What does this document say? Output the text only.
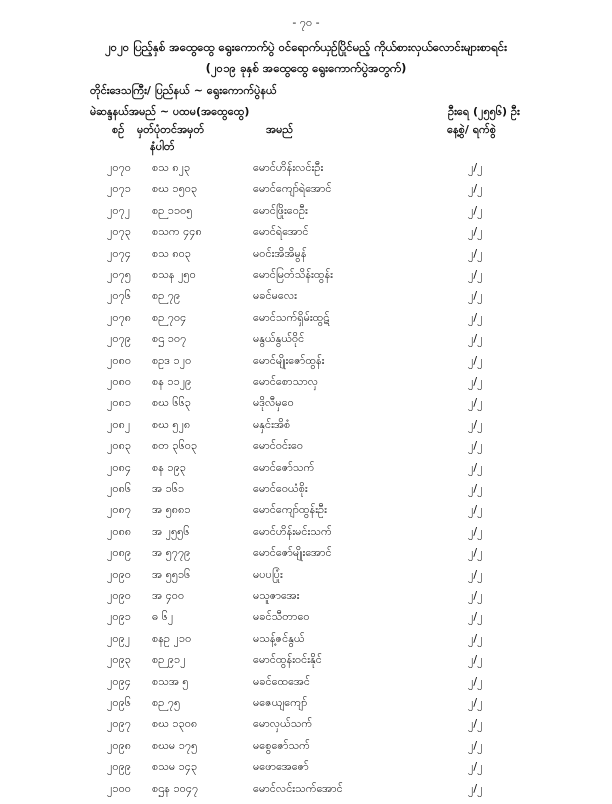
- ၇၀ -
၂၀၂၀ ပြည့်နှစ် အထွေထွေ ရွေးကောက်ပွဲ ဝင်ရောက်ယှဉ်ပြိုင်မည့် ကိုယ်စားလှယ်လောင်းများစာရင်း
(၂၀၁၉ ခုနှစ် အထွေထွေ ရွေးကောက်ပွဲအတွက်)
တိုင်းဒေသကြီး/ ပြည်နယ် ~ ရွေးကောက်ပွဲနယ်
မဲဆန္ဒနယ်အမည် ~ ပထမ(အထွေထွေ)	ဦးရေ (၂၅၅၆) ဦး
စဉ် မှတ်ပုံတင်အမှတ်
နံပါတ်
အမည်	နေ့စွဲ/ ရက်စွဲ
၂၀၇၀ စသ ၈၂၃	မောင်ဟိန်းလင်းဦး	၂/၂
၂၀၇၁ စဃ ၁၅၀၃	မောင်ကျော်ရဲအောင်	၂/၂
၂၀၇၂ စဉ ၁၁၀၅	မောင်ဖြိုးဝေဦး	၂/၂
၂၀၇၃ စသက ၄၄၈	မောင်ရဲအောင်	၂/၂
၂၀၇၄ စသ ၈၀၃	မဝင်းအိအိမွန်	၂/၂
၂၀၇၅ စသန ၂၅၀	မောင်မြတ်သိန်းထွန်း	၂/၂
၂၀၇၆ စဉ ၇၉	မခင်မလေး	၂/၂
၂၀၇၈ စဉ ၇၀၄	မောင်သက်ရှိမ်းထွဋ်	၂/၂
၂၀၇၉ စဌ ၁၀၇	မနွယ်နွယ်ဝိုင်	၂/၂
၂၀၈၀ စဥဒ ၁၂၀	မောင်မျိုးဇော်ထွန်း	၂/၂
၂၀၈၀ စန ၁၁၂၉	မောင်စောသာလှ	၂/၂
၂၀၈၁ စဃ ၆၆၃	မဒိုလီမှဝေ	၂/၂
၂၀၈၂ စဃ ၅၂၈	မနှင်းအိစံ	၂/၂
၂၀၈၃ စတ ၃၆၀၃	မောင်ဝင်းဝေ	၂/၂
၂၀၈၄ စန ၁၉၃	မောင်ဇော်သက်	၂/၂
၂၀၈၆ အ ၁၆၁	မောင်ဝေယံစိုး	၂/၂
၂၀၈၇ အ ၅၈၈၁	မောင်ကျော်ထွန်းဦး	၂/၂
၂၀၈၈ အ ၂၅၅၆	မောင်ဟိန်းမင်းသက်	၂/၂
၂၀၈၉ အ ၅၇၇၉	မောင်ဇော်မျိုးအောင်	၂/၂
၂၀၉၀ အ ၅၅၁၆	မပပပြုံး	၂/၂
၂၀၉၀ အ ၄၀၀	မသူဇာအေး	၂/၂
၂၀၉၁ ဓ ၆၂	မခင်သီတာဝေ	၂/၂
၂၀၉၂ စနဥ ၂၁၀	မသန့်ဇင်နွယ်	၂/၂
၂၀၉၃ စဉ ၉၁၂	မောင်ထွန်းဝင်းနိုင်	၂/၂
၂၀၉၄ စသအ ၅	မခင်ထေအေင်	၂/၂
၂၀၉၆ စဉ ၇၅	မဇေယျကျော်	၂/၂
၂၀၉၇ စဃ ၁၃၀၈	မောလှယ်သက်	၂/၂
၂၀၉၈ စဃမ ၁၇၅	မစွေဇော်သက်	၂/၂
၂၀၉၉ စသမ ၁၄၃	မဖောအေဇော်	၂/၂
၂၁၀၀ စဌန ၁၀၄၇	မောင်လင်းသက်အောင်	၂/၂
